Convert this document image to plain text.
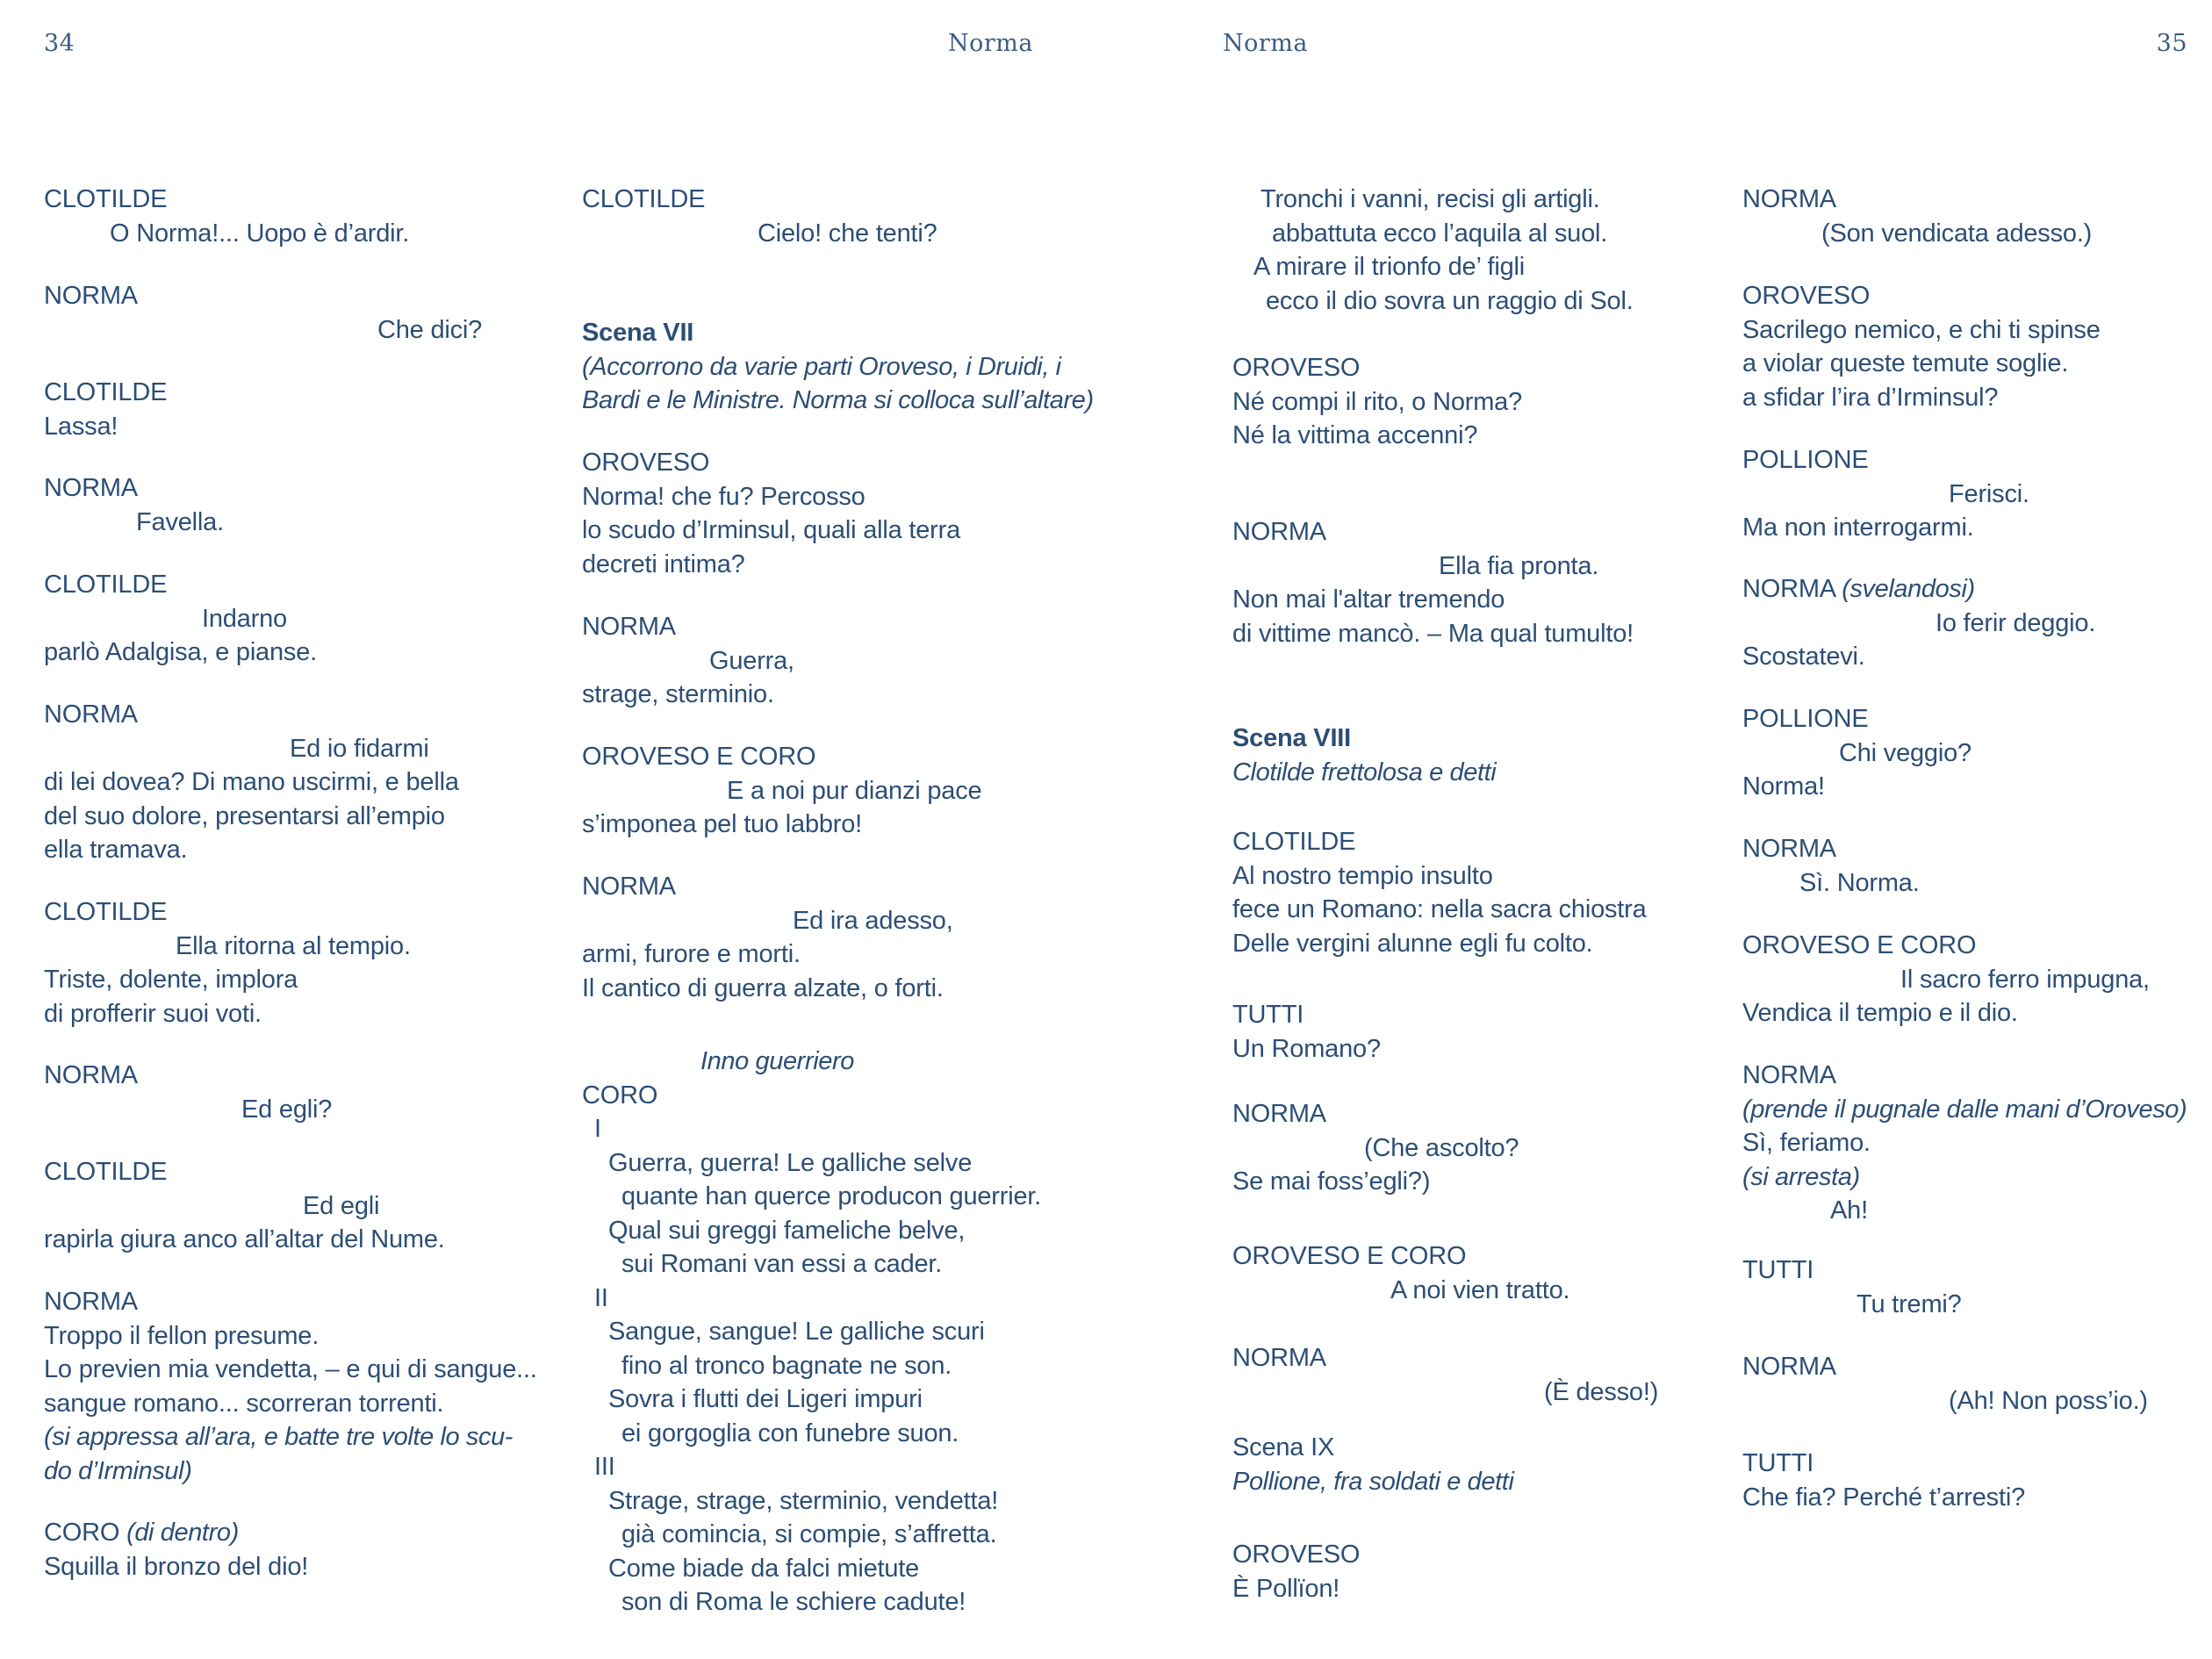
34	Norma	Norma	35
CLOTILDE
O Norma!... Uopo è d’ardir.
NORMA
Che dici?
CLOTILDE
Lassa!
NORMA
Favella.
CLOTILDE
Indarno
parlò Adalgisa, e pianse.
NORMA
Ed io fidarmi
di lei dovea? Di mano uscirmi, e bella
del suo dolore, presentarsi all’empio
ella tramava.
CLOTILDE
Ella ritorna al tempio.
Triste, dolente, implora
di profferir suoi voti.
NORMA
Ed egli?
CLOTILDE
Ed egli
rapirla giura anco all’altar del Nume.
NORMA
Troppo il fellon presume.
Lo previen mia vendetta, – e qui di sangue...
sangue romano... scorreran torrenti.
(si appressa all’ara, e batte tre volte lo scu-
do d’Irminsul)
CORO (di dentro)
Squilla il bronzo del dio!
CLOTILDE
Cielo! che tenti?
Scena VII
(Accorrono da varie parti Oroveso, i Druidi, i
Bardi e le Ministre. Norma si colloca sull’altare)
OROVESO
Norma! che fu? Percosso
lo scudo d’Irminsul, quali alla terra
decreti intima?
NORMA
Guerra,
strage, sterminio.
OROVESO E CORO
E a noi pur dianzi pace
s’imponea pel tuo labbro!
NORMA
Ed ira adesso,
armi, furore e morti.
Il cantico di guerra alzate, o forti.
Inno guerriero
CORO
I
Guerra, guerra! Le galliche selve
quante han querce producon guerrier.
Qual sui greggi fameliche belve,
sui Romani van essi a cader.
II
Sangue, sangue! Le galliche scuri
fino al tronco bagnate ne son.
Sovra i flutti dei Ligeri impuri
ei gorgoglia con funebre suon.
III
Strage, strage, sterminio, vendetta!
già comincia, si compie, s’affretta.
Come biade da falci mietute
son di Roma le schiere cadute!
Tronchi i vanni, recisi gli artigli.
abbattuta ecco l’aquila al suol.
A mirare il trionfo de’ figli
ecco il dio sovra un raggio di Sol.
OROVESO
Né compi il rito, o Norma?
Né la vittima accenni?
NORMA
Ella fia pronta.
Non mai l'altar tremendo
di vittime mancò. – Ma qual tumulto!
Scena VIII
Clotilde frettolosa e detti
CLOTILDE
Al nostro tempio insulto
fece un Romano: nella sacra chiostra
Delle vergini alunne egli fu colto.
TUTTI
Un Romano?
NORMA
(Che ascolto?
Se mai foss’egli?)
OROVESO E CORO
A noi vien tratto.
NORMA
(È desso!)
Scena IX
Pollione, fra soldati e detti
OROVESO
È Pollïon!
NORMA
(Son vendicata adesso.)
OROVESO
Sacrilego nemico, e chi ti spinse
a violar queste temute soglie.
a sfidar l’ira d’Irminsul?
POLLIONE
Ferisci.
Ma non interrogarmi.
NORMA (svelandosi)
Io ferir deggio.
Scostatevi.
POLLIONE
Chi veggio?
Norma!
NORMA
Sì. Norma.
OROVESO E CORO
Il sacro ferro impugna,
Vendica il tempio e il dio.
NORMA
(prende il pugnale dalle mani d’Oroveso)
Sì, feriamo.
(si arresta)
Ah!
TUTTI
Tu tremi?
NORMA
(Ah! Non poss’io.)
TUTTI
Che fia? Perché t’arresti?
